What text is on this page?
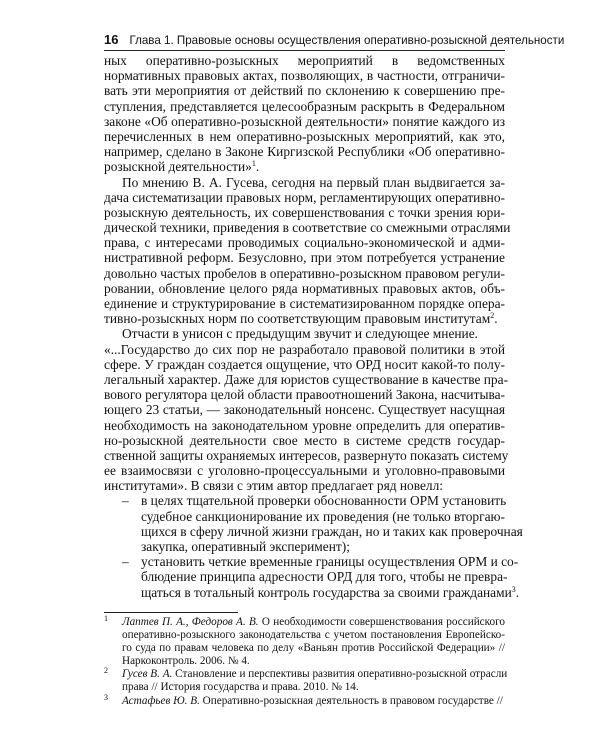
16 Глава 1. Правовые основы осуществления оперативно-розыскной деятельности
ных оперативно-розыскных мероприятий в ведомственных
нормативных правовых актах, позволяющих, в частности, отграничи-
вать эти мероприятия от действий по склонению к совершению пре-
ступления, представляется целесообразным раскрыть в Федеральном
законе «Об оперативно-розыскной деятельности» понятие каждого из
перечисленных в нем оперативно-розыскных мероприятий, как это,
например, сделано в Законе Киргизской Республики «Об оперативно-
розыскной деятельности»$^1$.
По мнению В. А. Гусева, сегодня на первый план выдвигается за-
дача систематизации правовых норм, регламентирующих оперативно-
розыскную деятельность, их совершенствования с точки зрения юри-
дической техники, приведения в соответствие со смежными отраслями
права, с интересами проводимых социально-экономической и адми-
нистративной реформ. Безусловно, при этом потребуется устранение
довольно частых пробелов в оперативно-розыскном правовом регули-
ровании, обновление целого ряда нормативных правовых актов, объ-
единение и структурирование в систематизированном порядке опера-
тивно-розыскных норм по соответствующим правовым институтам$^2$.
Отчасти в унисон с предыдущим звучит и следующее мнение.
«...Государство до сих пор не разработало правовой политики в этой
сфере. У граждан создается ощущение, что ОРД носит какой-то полу-
легальный характер. Даже для юристов существование в качестве пра-
вового регулятора целой области правоотношений Закона, насчитыва-
ющего 23 статьи, — законодательный нонсенс. Существует насущная
необходимость на законодательном уровне определить для оператив-
но-розыскной деятельности свое место в системе средств государ-
ственной защиты охраняемых интересов, развернуто показать систему
ее взаимосвязи с уголовно-процессуальными и уголовно-правовыми
институтами». В связи с этим автор предлагает ряд новелл:
– в целях тщательной проверки обоснованности ОРМ установить
судебное санкционирование их проведения (не только вторгаю-
щихся в сферу личной жизни граждан, но и таких как проверочная
закупка, оперативный эксперимент);
– установить четкие временные границы осуществления ОРМ и со-
блюдение принципа адресности ОРД для того, чтобы не превра-
щаться в тотальный контроль государства за своими гражданами$^3$.
1 Лаптев П. А., Федоров А. В. О необходимости совершенствования российского
оперативно-розыскного законодательства с учетом постановления Европейско-
го суда по правам человека по делу «Ваньян против Российской Федерации» //
Наркоконтроль. 2006. № 4.
2 Гусев В. А. Становление и перспективы развития оперативно-розыскной отрасли
права // История государства и права. 2010. № 14.
3 Астафьев Ю. В. Оперативно-розыскная деятельность в правовом государстве //
